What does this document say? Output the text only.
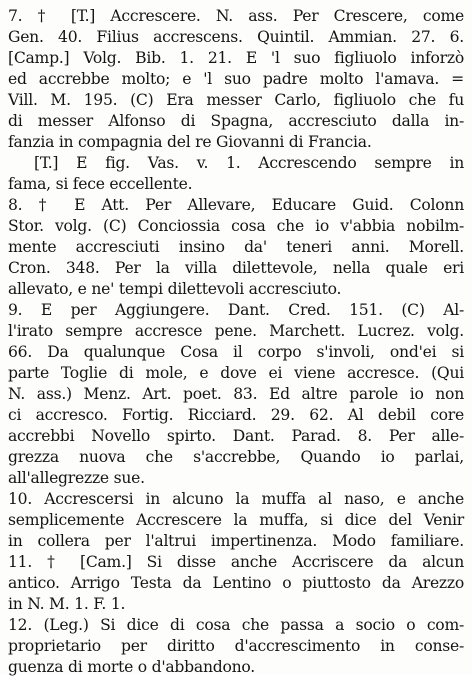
7. † [T.] Accrescere. N. ass. Per Crescere, come
Gen. 40. Filius accrescens. Quintil. Ammian. 27. 6.
[Camp.] Volg. Bib. 1. 21. E 'l suo figliuolo inforzò
ed accrebbe molto; e 'l suo padre molto l'amava. =
Vill. M. 195. (C) Era messer Carlo, figliuolo che fu
di messer Alfonso di Spagna, accresciuto dalla in-
fanzia in compagnia del re Giovanni di Francia.
[T.] E fig. Vas. v. 1. Accrescendo sempre in
fama, si fece eccellente.
8. † E Att. Per Allevare, Educare Guid. Colonn
Stor. volg. (C) Conciossia cosa che io v'abbia nobilm-
mente accresciuti insino da' teneri anni. Morell.
Cron. 348. Per la villa dilettevole, nella quale eri
allevato, e ne' tempi dilettevoli accresciuto.
9. E per Aggiungere. Dant. Cred. 151. (C) Al-
l'irato sempre accresce pene. Marchett. Lucrez. volg.
66. Da qualunque Cosa il corpo s'involi, ond'ei si
parte Toglie di mole, e dove ei viene accresce. (Qui
N. ass.) Menz. Art. poet. 83. Ed altre parole io non
ci accresco. Fortig. Ricciard. 29. 62. Al debil core
accrebbi Novello spirto. Dant. Parad. 8. Per alle-
grezza nuova che s'accrebbe, Quando io parlai,
all'allegrezze sue.
10. Accrescersi in alcuno la muffa al naso, e anche
semplicemente Accrescere la muffa, si dice del Venir
in collera per l'altrui impertinenza. Modo familiare.
11. † [Cam.] Si disse anche Accriscere da alcun
antico. Arrigo Testa da Lentino o piuttosto da Arezzo
in N. M. 1. F. 1.
12. (Leg.) Si dice di cosa che passa a socio o com-
proprietario per diritto d'accrescimento in conse-
guenza di morte o d'abbandono.
